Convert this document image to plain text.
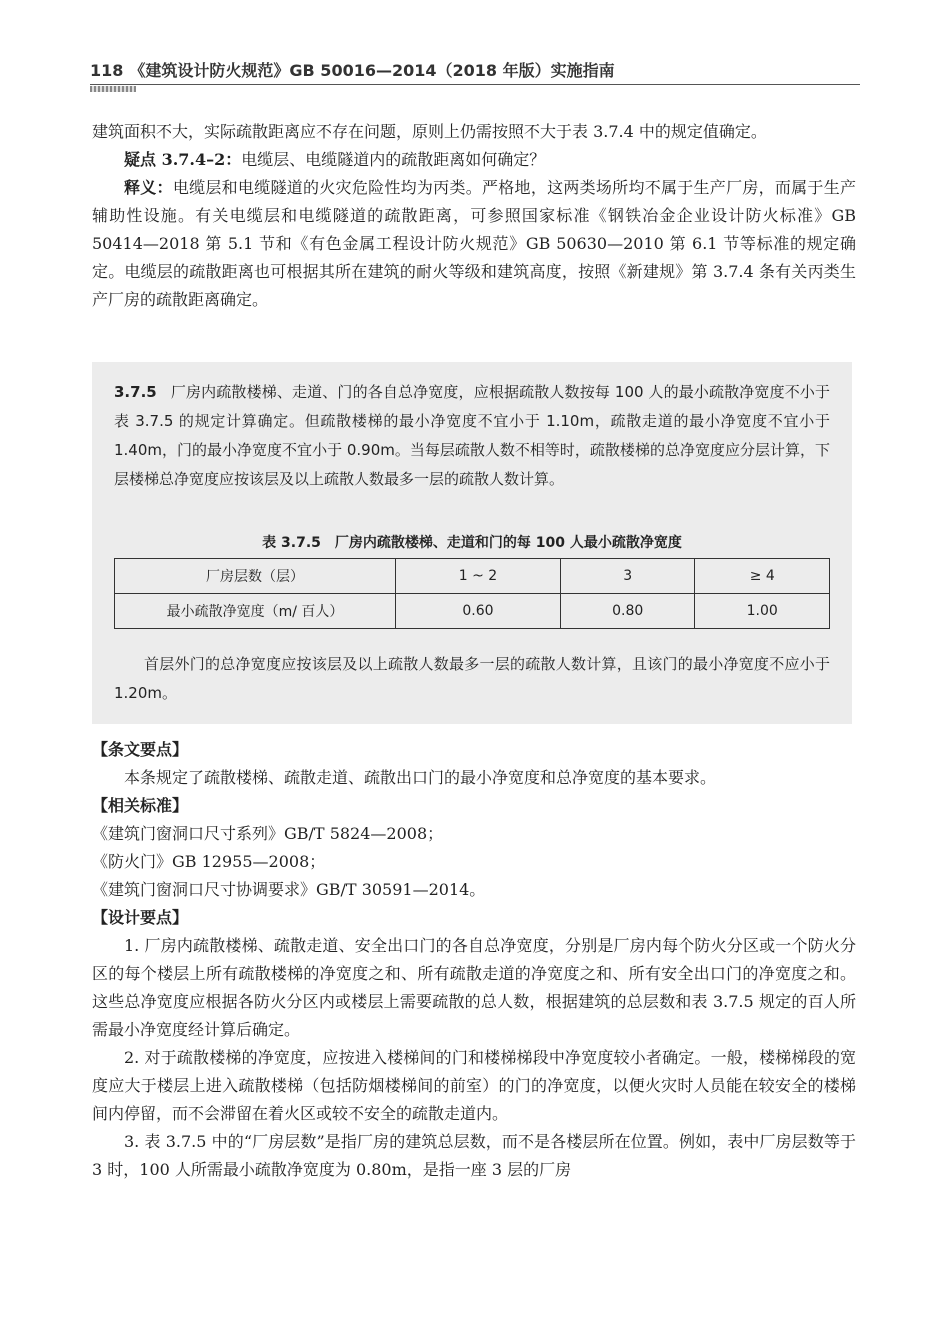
118 《建筑设计防火规范》GB 50016—2014（2018 年版）实施指南

建筑面积不大，实际疏散距离应不存在问题，原则上仍需按照不大于表 3.7.4 中的规定值确定。

疑点 3.7.4–2：电缆层、电缆隧道内的疏散距离如何确定？

释义：电缆层和电缆隧道的火灾危险性均为丙类。严格地，这两类场所均不属于生产厂房，而属于生产辅助性设施。有关电缆层和电缆隧道的疏散距离，可参照国家标准《钢铁冶金企业设计防火标准》GB 50414—2018 第 5.1 节和《有色金属工程设计防火规范》GB 50630—2010 第 6.1 节等标准的规定确定。电缆层的疏散距离也可根据其所在建筑的耐火等级和建筑高度，按照《新建规》第 3.7.4 条有关丙类生产厂房的疏散距离确定。

3.7.5 厂房内疏散楼梯、走道、门的各自总净宽度，应根据疏散人数按每 100 人的最小疏散净宽度不小于表 3.7.5 的规定计算确定。但疏散楼梯的最小净宽度不宜小于 1.10m，疏散走道的最小净宽度不宜小于 1.40m，门的最小净宽度不宜小于 0.90m。当每层疏散人数不相等时，疏散楼梯的总净宽度应分层计算，下层楼梯总净宽度应按该层及以上疏散人数最多一层的疏散人数计算。
表 3.7.5　厂房内疏散楼梯、走道和门的每 100 人最小疏散净宽度
厂房层数（层）	1 ~ 2	3	≥ 4
最小疏散净宽度（m/ 百人）	0.60	0.80	1.00
首层外门的总净宽度应按该层及以上疏散人数最多一层的疏散人数计算，且该门的最小净宽度不应小于 1.20m。

【条文要点】

本条规定了疏散楼梯、疏散走道、疏散出口门的最小净宽度和总净宽度的基本要求。

【相关标准】

《建筑门窗洞口尺寸系列》GB/T 5824—2008；

《防火门》GB 12955—2008；

《建筑门窗洞口尺寸协调要求》GB/T 30591—2014。

【设计要点】

1. 厂房内疏散楼梯、疏散走道、安全出口门的各自总净宽度，分别是厂房内每个防火分区或一个防火分区的每个楼层上所有疏散楼梯的净宽度之和、所有疏散走道的净宽度之和、所有安全出口门的净宽度之和。这些总净宽度应根据各防火分区内或楼层上需要疏散的总人数，根据建筑的总层数和表 3.7.5 规定的百人所需最小净宽度经计算后确定。

2. 对于疏散楼梯的净宽度，应按进入楼梯间的门和楼梯梯段中净宽度较小者确定。一般，楼梯梯段的宽度应大于楼层上进入疏散楼梯（包括防烟楼梯间的前室）的门的净宽度，以便火灾时人员能在较安全的楼梯间内停留，而不会滞留在着火区或较不安全的疏散走道内。

3. 表 3.7.5 中的“厂房层数”是指厂房的建筑总层数，而不是各楼层所在位置。例如，表中厂房层数等于 3 时，100 人所需最小疏散净宽度为 0.80m，是指一座 3 层的厂房
